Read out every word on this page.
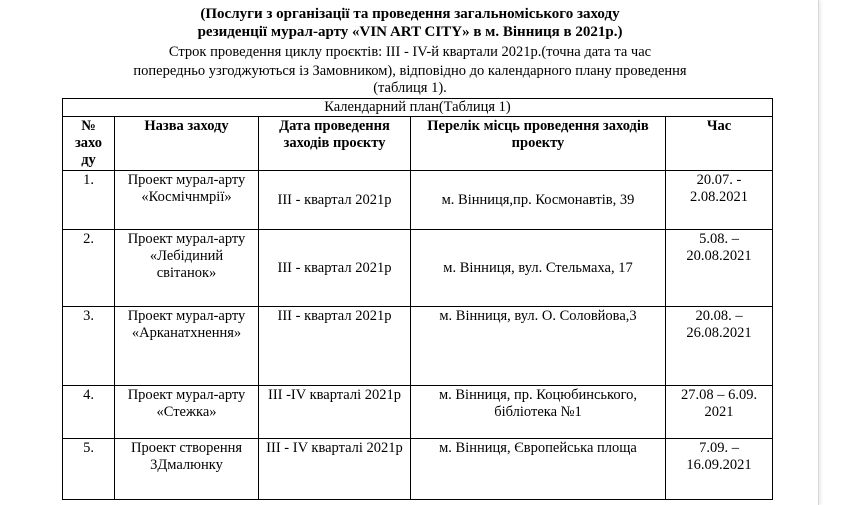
(Послуги з організації та проведення загальноміського заходу
резиденції мурал-арту «VIN ART CITY» в м. Вінниця в 2021р.)
Строк проведення циклу проєктів: ІІІ - ІV-й квартали 2021р.(точна дата та час
попередньо узгоджуються із Замовником), відповідно до календарного плану проведення
(таблиця 1).
Календарний план(Таблиця 1)				
№ захо ду	Назва заходу	Дата проведення заходів проєкту	Перелік місць проведення заходів проекту	Час
1.	Проект мурал-арту «Космічнмрії»	ІІІ - квартал 2021р	м. Вінниця,пр. Космонавтів, 39	20.07. - 2.08.2021
2.	Проект мурал-арту «Лебідиний світанок»	ІІІ - квартал 2021р	м. Вінниця, вул. Стельмаха, 17	5.08. – 20.08.2021
3.	Проект мурал-арту «Арканатхнення»	ІІІ - квартал 2021р	м. Вінниця, вул. О. Соловйова,3	20.08. – 26.08.2021
4.	Проект мурал-арту «Стежка»	ІІІ -ІV кварталі 2021р	м. Вінниця, пр. Коцюбинського, бібліотека №1	27.08 – 6.09. 2021
5.	Проект створення 3Дмалюнку	ІІІ - ІV кварталі 2021р	м. Вінниця, Європейська площа	7.09. – 16.09.2021
